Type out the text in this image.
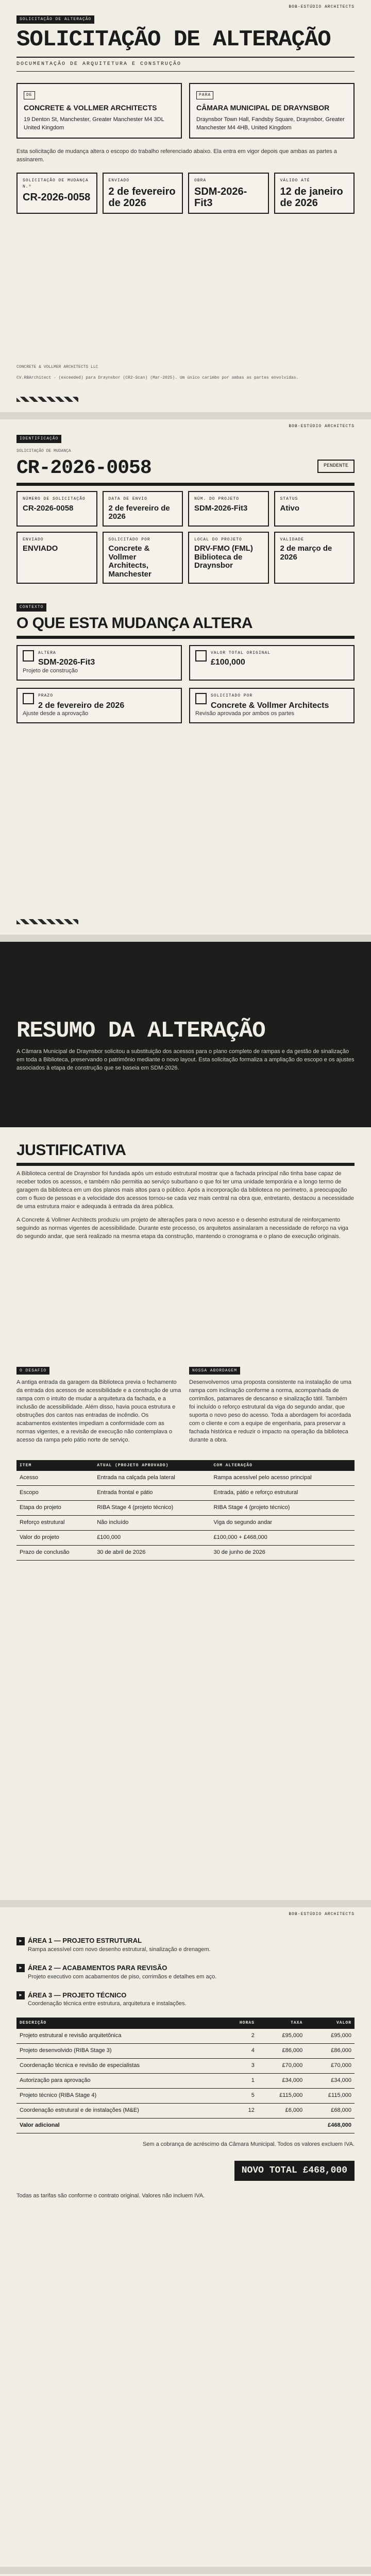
BOB-ESTÚDIO ARCHITECTS
SOLICITAÇÃO DE ALTERAÇÃO
SOLICITAÇÃO DE ALTERAÇÃO
DOCUMENTAÇÃO DE ARQUITETURA E CONSTRUÇÃO
DE
CONCRETE & VOLLMER ARCHITECTS
19 Denton St, Manchester, Greater Manchester M4 3DL United Kingdom
PARA
CÂMARA MUNICIPAL DE DRAYNSBOR
Draynsbor Town Hall, Fandsby Square, Draynsbor, Greater Manchester M4 4HB, United Kingdom

Esta solicitação de mudança altera o escopo do trabalho referenciado abaixo. Ela entra em vigor depois que ambas as partes a assinarem.

SOLICITAÇÃO DE MUDANÇA N.º
CR-2026-0058
ENVIADO
2 de fevereiro de 2026
OBRA
SDM-2026-Fit3
VÁLIDO ATÉ
12 de janeiro de 2026
CONCRETE & VOLLMER ARCHITECTS LLC
CV.RBArchitect · (exceeded) para Draynsbor (CR2-Scan) (Mar-2025). Um único carimbo por ambas as partes envolvidas.
BOB-ESTÚDIO ARCHITECTS
IDENTIFICAÇÃO
SOLICITAÇÃO DE MUDANÇA
CR-2026-0058	PENDENTE
NÚMERO DE SOLICITAÇÃO
CR-2026-0058
DATA DE ENVIO
2 de fevereiro de 2026
NÚM. DO PROJETO
SDM-2026-Fit3
STATUS
Ativo
ENVIADO
ENVIADO
SOLICITADO POR
Concrete & Vollmer Architects, Manchester
LOCAL DO PROJETO
DRV-FMO (FML) Biblioteca de Draynsbor
VALIDADE
2 de março de 2026
CONTEXTO
O QUE ESTA MUDANÇA ALTERA
ALTERA
SDM-2026-Fit3
Projeto de construção
VALOR TOTAL ORIGINAL
£100,000
PRAZO
2 de fevereiro de 2026
Ajuste desde a aprovação
SOLICITADO POR
Concrete & Vollmer Architects
Revisão aprovada por ambos os partes
RESUMO DA ALTERAÇÃO

A Câmara Municipal de Draynsbor solicitou a substituição dos acessos para o plano completo de rampas e da gestão de sinalização em toda a Biblioteca, preservando o patrimônio mediante o novo layout. Esta solicitação formaliza a ampliação do escopo e os ajustes associados à etapa de construção que se baseia em SDM-2026.

JUSTIFICATIVA

A Biblioteca central de Draynsbor foi fundada após um estudo estrutural mostrar que a fachada principal não tinha base capaz de receber todos os acessos, e também não permitia ao serviço suburbano o que foi ter uma unidade temporária e a longo termo de garagem da biblioteca em um dos planos mais altos para o público. Após a incorporação da biblioteca no perímetro, a preocupação com o fluxo de pessoas e a velocidade dos acessos tornou-se cada vez mais central na obra que, entretanto, destacou a necessidade de uma estrutura maior e adequada à entrada da área pública.

A Concrete & Vollmer Architects produziu um projeto de alterações para o novo acesso e o desenho estrutural de reinforçamento seguindo as normas vigentes de acessibilidade. Durante este processo, os arquitetos assinalaram a necessidade de reforço na viga do segundo andar, que será realizado na mesma etapa da construção, mantendo o cronograma e o plano de execução originais.

O DESAFIO

A antiga entrada da garagem da Biblioteca previa o fechamento da entrada dos acessos de acessibilidade e a construção de uma rampa com o intuito de mudar a arquitetura da fachada, e a inclusão de acessibilidade. Além disso, havia pouca estrutura e obstruções dos cantos nas entradas de incêndio. Os acabamentos existentes impediam a conformidade com as normas vigentes, e a revisão de execução não contemplava o acesso da rampa pelo pátio norte de serviço.

NOSSA ABORDAGEM

Desenvolvemos uma proposta consistente na instalação de uma rampa com inclinação conforme a norma, acompanhada de corrimãos, patamares de descanso e sinalização tátil. Também foi incluído o reforço estrutural da viga do segundo andar, que suporta o novo peso do acesso. Toda a abordagem foi acordada com o cliente e com a equipe de engenharia, para preservar a fachada histórica e reduzir o impacto na operação da biblioteca durante a obra.

ITEM	ATUAL (PROJETO APROVADO)	COM ALTERAÇÃO
Acesso	Entrada na calçada pela lateral	Rampa acessível pelo acesso principal
Escopo	Entrada frontal e pátio	Entrada, pátio e reforço estrutural
Etapa do projeto	RIBA Stage 4 (projeto técnico)	RIBA Stage 4 (projeto técnico)
Reforço estrutural	Não incluído	Viga do segundo andar
Valor do projeto	£100,000	£100,000 + £468,000
Prazo de conclusão	30 de abril de 2026	30 de junho de 2026
BOB-ESTÚDIO ARCHITECTS
▸ ÁREA 1 — PROJETO ESTRUTURAL

Rampa acessível com novo desenho estrutural, sinalização e drenagem.

▸ ÁREA 2 — ACABAMENTOS PARA REVISÃO

Projeto executivo com acabamentos de piso, corrimãos e detalhes em aço.

▸ ÁREA 3 — PROJETO TÉCNICO

Coordenação técnica entre estrutura, arquitetura e instalações.

DESCRIÇÃO	HORAS	TAXA	VALOR
Projeto estrutural e revisão arquitetônica	2	£95,000	£95,000
Projeto desenvolvido (RIBA Stage 3)	4	£86,000	£86,000
Coordenação técnica e revisão de especialistas	3	£70,000	£70,000
Autorização para aprovação	1	£34,000	£34,000
Projeto técnico (RIBA Stage 4)	5	£115,000	£115,000
Coordenação estrutural e de instalações (M&E)	12	£6,000	£68,000
Valor adicional			£468,000

Sem a cobrança de acréscimo da Câmara Municipal. Todos os valores excluem IVA.

NOVO TOTAL £468,000

Todas as tarifas são conforme o contrato original. Valores não incluem IVA.
